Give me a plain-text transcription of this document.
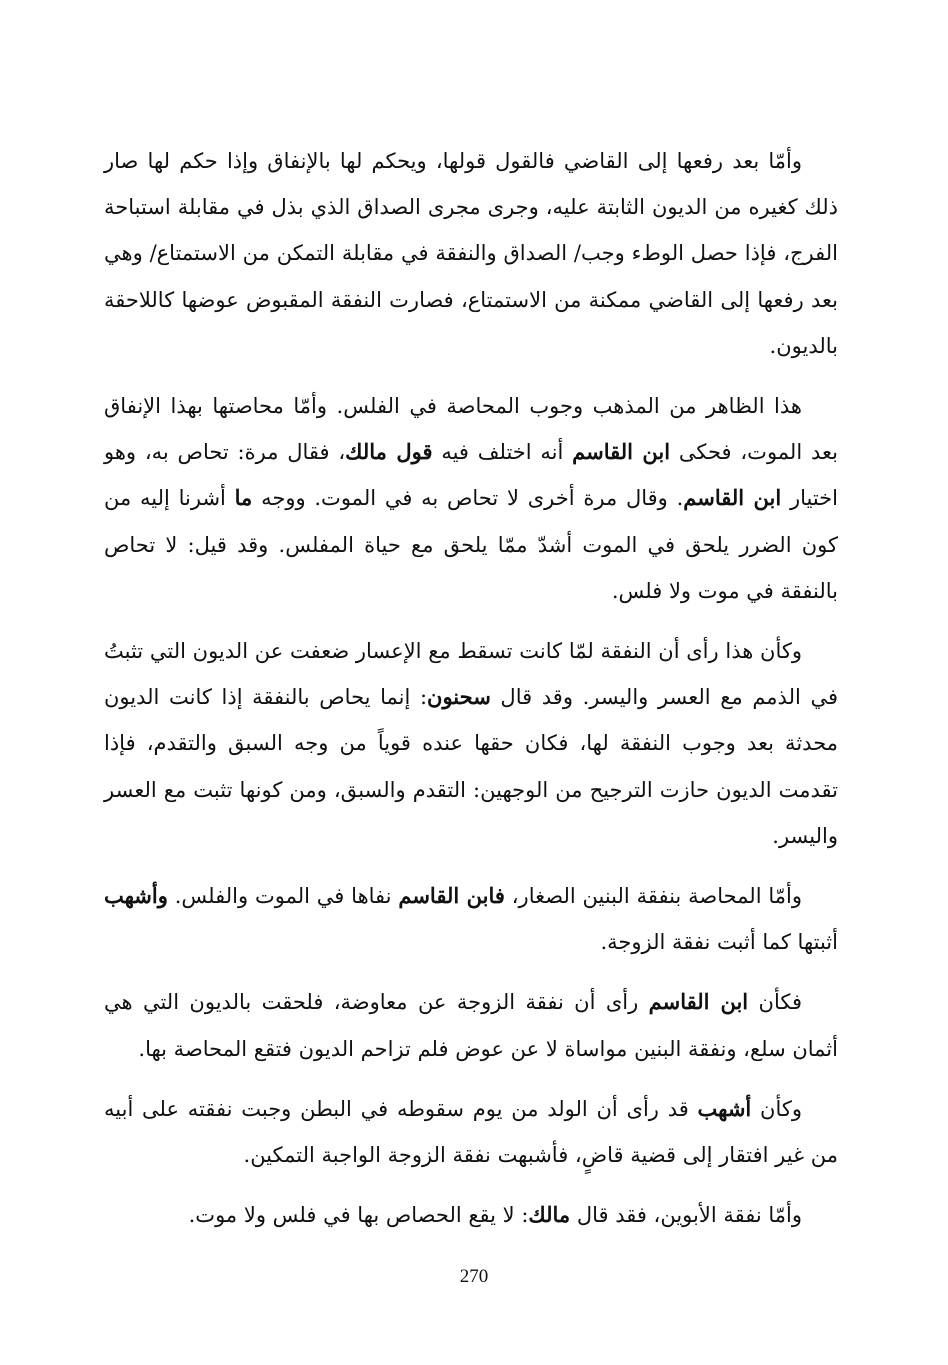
وأمّا بعد رفعها إلى القاضي فالقول قولها، ويحكم لها بالإنفاق وإذا حكم لها صار ذلك كغيره من الديون الثابتة عليه، وجرى مجرى الصداق الذي بذل في مقابلة استباحة الفرج، فإذا حصل الوطء وجب/ الصداق والنفقة في مقابلة التمكن من الاستمتاع/ وهي بعد رفعها إلى القاضي ممكنة من الاستمتاع، فصارت النفقة المقبوض عوضها كاللاحقة بالديون.

هذا الظاهر من المذهب وجوب المحاصة في الفلس. وأمّا محاصتها بهذا الإنفاق بعد الموت، فحكى ابن القاسم أنه اختلف فيه قول مالك، فقال مرة: تحاص به، وهو اختيار ابن القاسم. وقال مرة أخرى لا تحاص به في الموت. ووجه ما أشرنا إليه من كون الضرر يلحق في الموت أشدّ ممّا يلحق مع حياة المفلس. وقد قيل: لا تحاص بالنفقة في موت ولا فلس.

وكأن هذا رأى أن النفقة لمّا كانت تسقط مع الإعسار ضعفت عن الديون التي تثبتُ في الذمم مع العسر واليسر. وقد قال سحنون: إنما يحاص بالنفقة إذا كانت الديون محدثة بعد وجوب النفقة لها، فكان حقها عنده قوياً من وجه السبق والتقدم، فإذا تقدمت الديون حازت الترجيح من الوجهين: التقدم والسبق، ومن كونها تثبت مع العسر واليسر.

وأمّا المحاصة بنفقة البنين الصغار، فابن القاسم نفاها في الموت والفلس. وأشهب أثبتها كما أثبت نفقة الزوجة.

فكأن ابن القاسم رأى أن نفقة الزوجة عن معاوضة، فلحقت بالديون التي هي أثمان سلع، ونفقة البنين مواساة لا عن عوض فلم تزاحم الديون فتقع المحاصة بها.

وكأن أشهب قد رأى أن الولد من يوم سقوطه في البطن وجبت نفقته على أبيه من غير افتقار إلى قضية قاضٍ، فأشبهت نفقة الزوجة الواجبة التمكين.

وأمّا نفقة الأبوين، فقد قال مالك: لا يقع الحصاص بها في فلس ولا موت.

270
